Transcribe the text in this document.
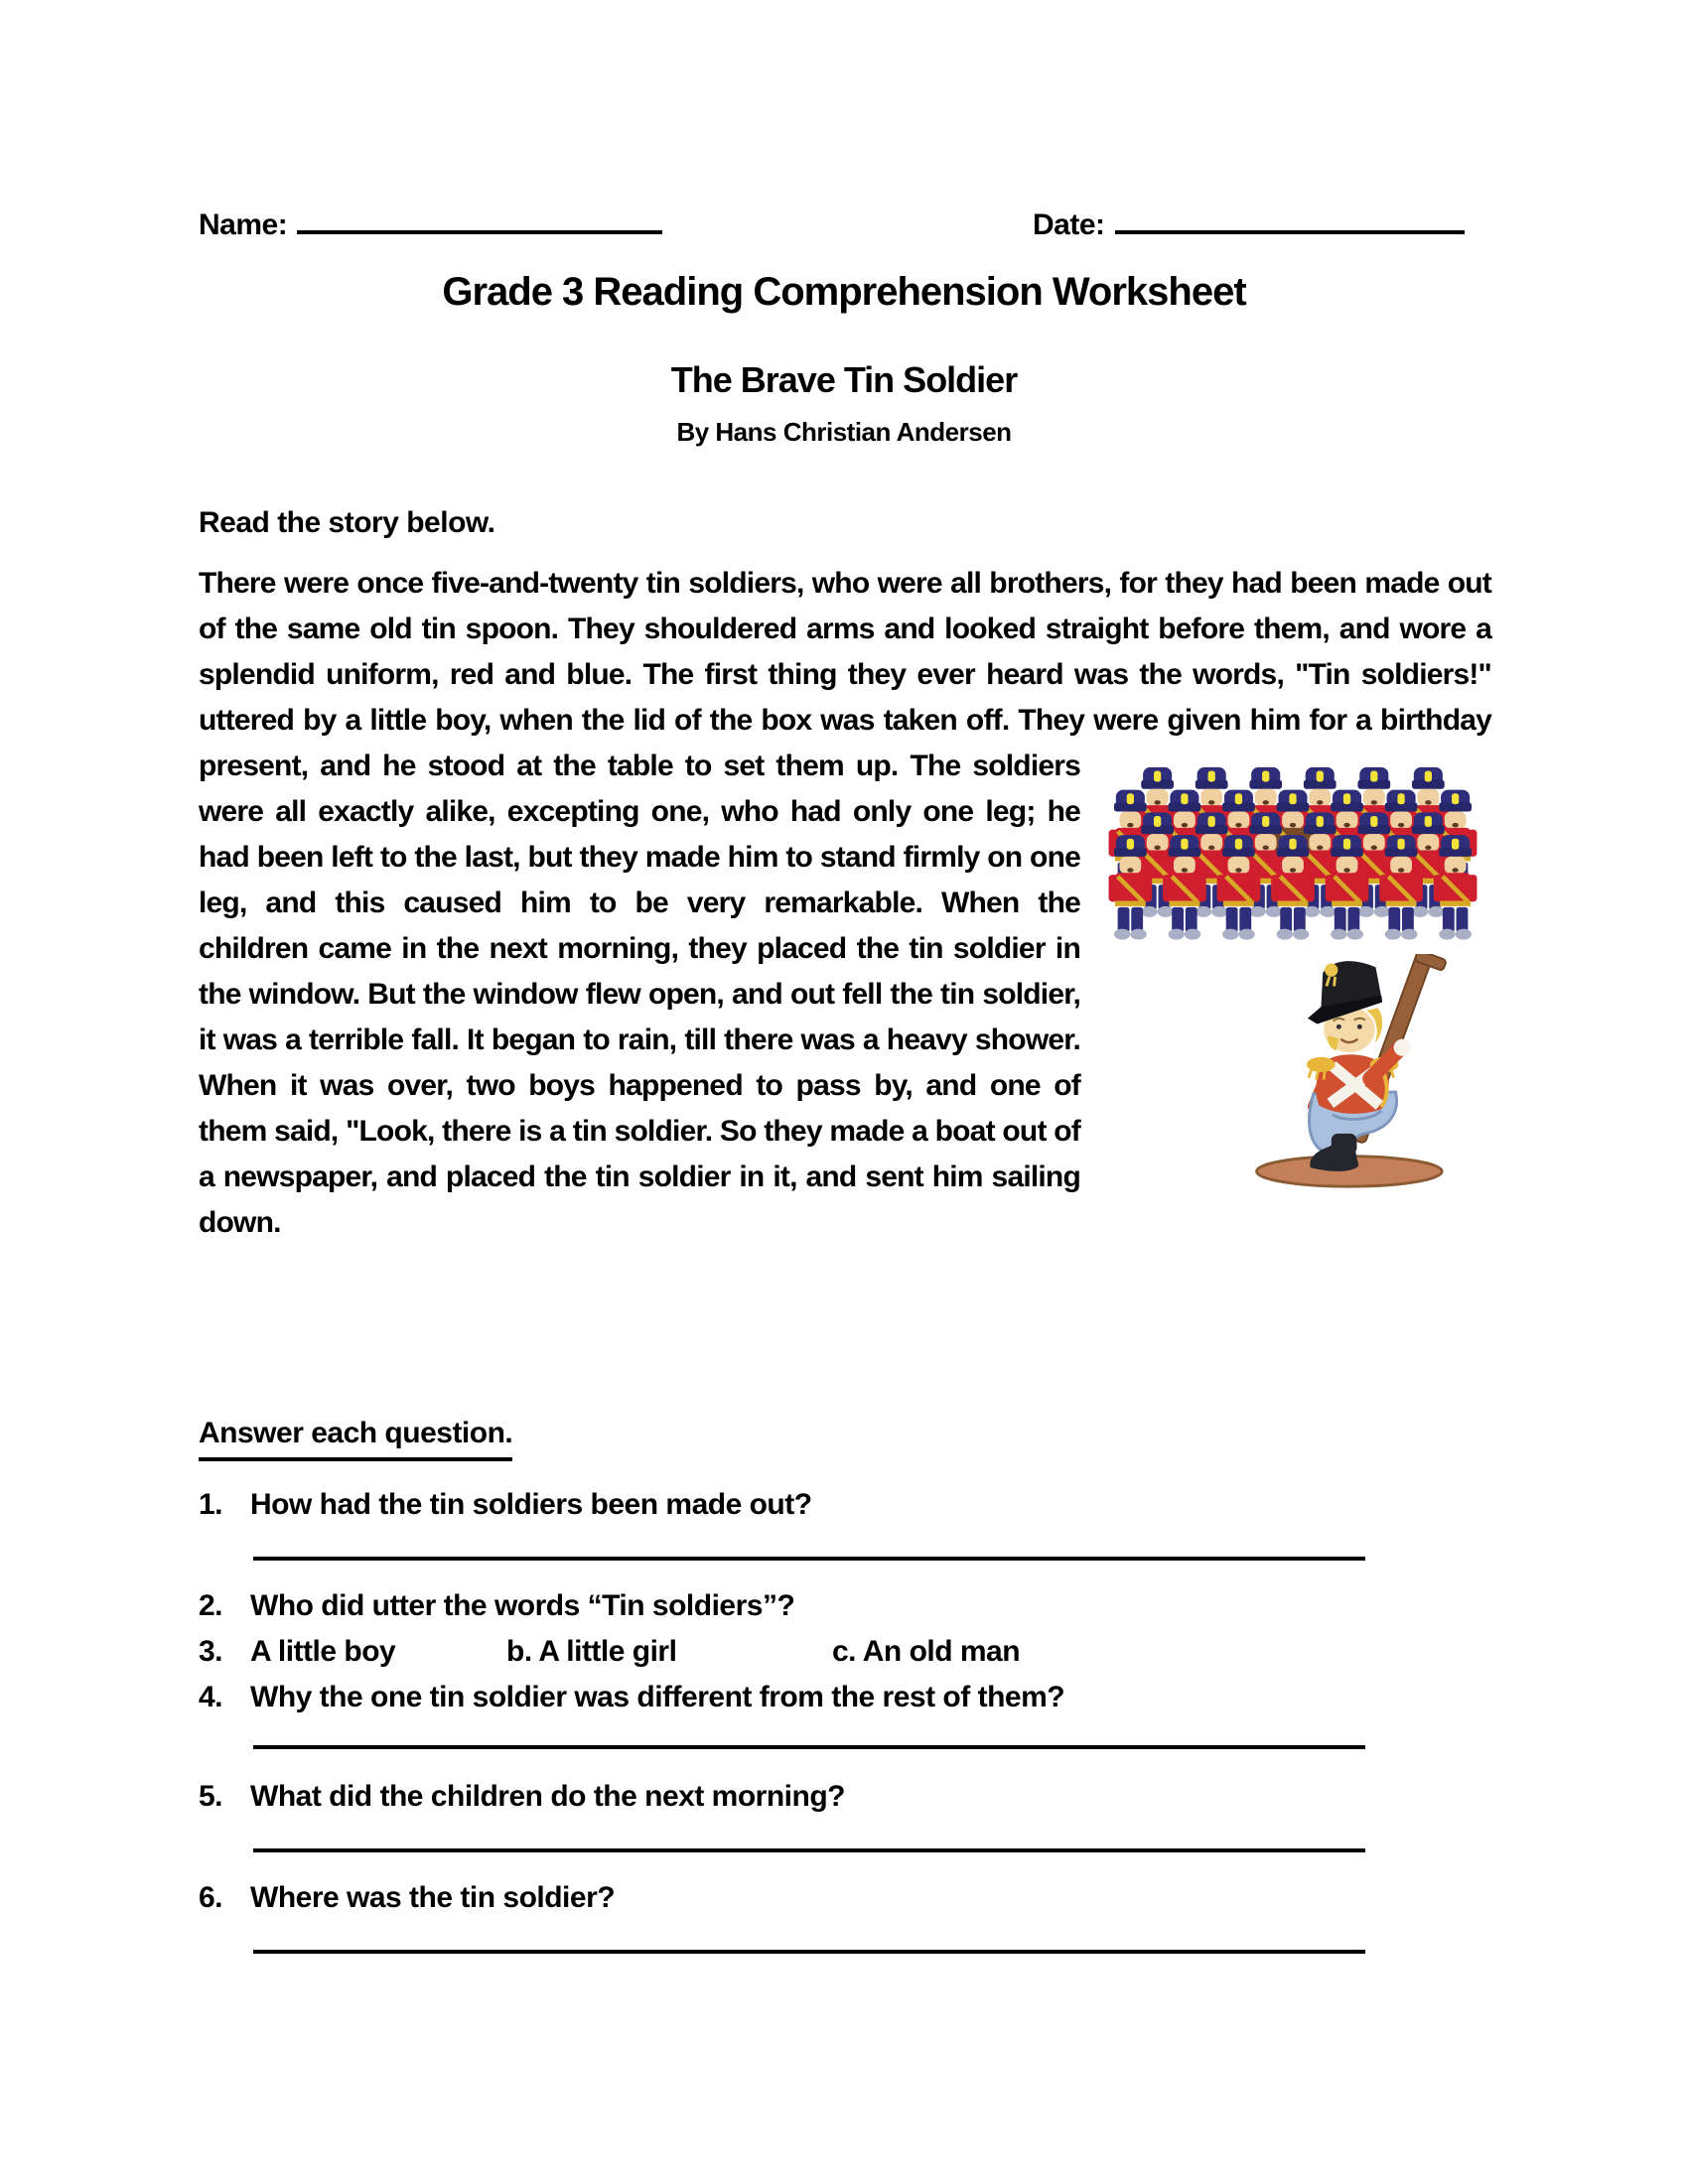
Name:	Date:
Grade 3 Reading Comprehension Worksheet
The Brave Tin Soldier
By Hans Christian Andersen
Read the story below.
There were once five-and-twenty tin soldiers, who were all brothers, for they had been made out of the same old tin spoon. They shouldered arms and looked straight before them, and wore a splendid uniform, red and blue. The first thing they ever heard was the words, "Tin soldiers!" uttered by a little boy, when the lid of the box was taken off. They were given him for a birthday
present, and he stood at the table to set them up. The soldiers were all exactly alike, excepting one, who had only one leg; he had been left to the last, but they made him to stand firmly on one leg, and this caused him to be very remarkable. When the children came in the next morning, they placed the tin soldier in the window. But the window flew open, and out fell the tin soldier, it was a terrible fall. It began to rain, till there was a heavy shower. When it was over, two boys happened to pass by, and one of them said, "Look, there is a tin soldier. So they made a boat out of a newspaper, and placed the tin soldier in it, and sent him sailing down.
Answer each question.
1. How had the tin soldiers been made out?
2. Who did utter the words “Tin soldiers”?
3. A little boy	b. A little girl	c. An old man
4. Why the one tin soldier was different from the rest of them?
5. What did the children do the next morning?
6. Where was the tin soldier?
